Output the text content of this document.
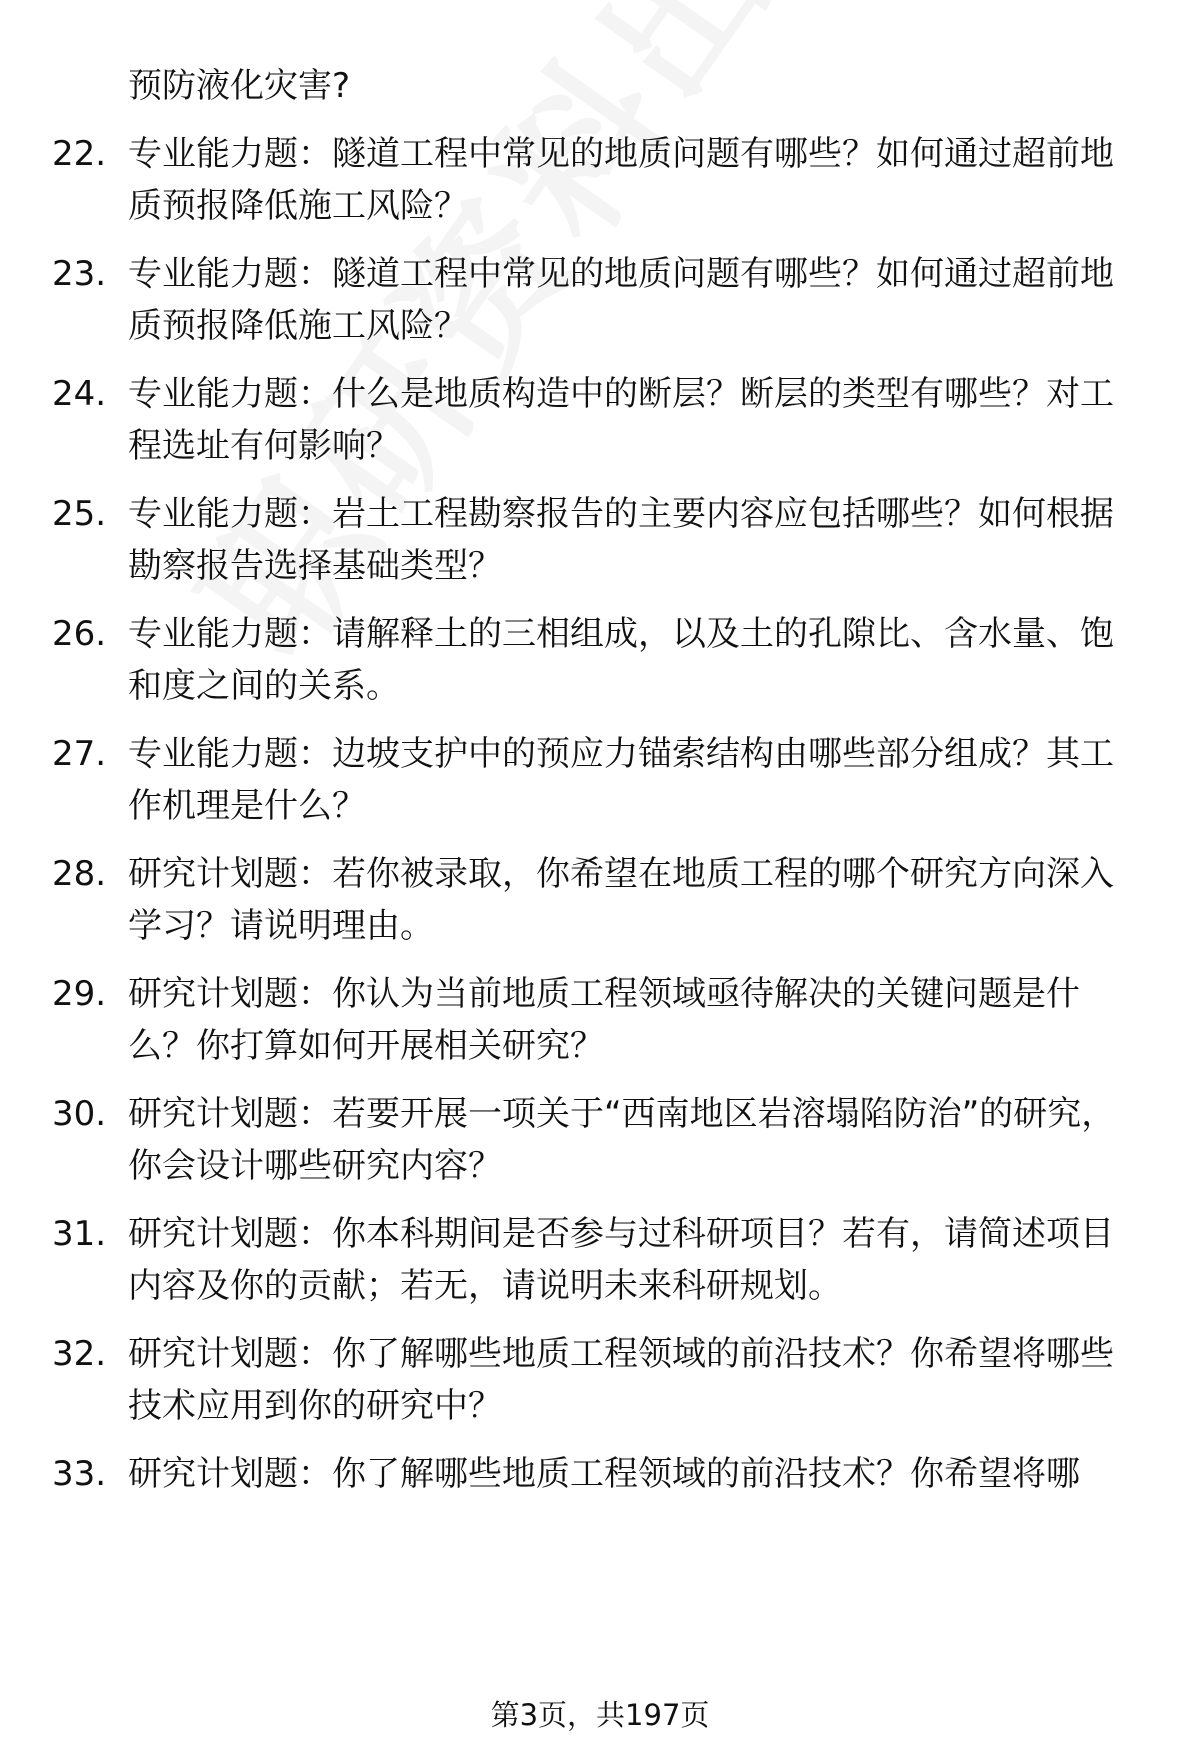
预防液化灾害?
22. 专业能力题：隧道工程中常见的地质问题有哪些？如何通过超前地质预报降低施工风险？
23. 专业能力题：隧道工程中常见的地质问题有哪些？如何通过超前地质预报降低施工风险？
24. 专业能力题：什么是地质构造中的断层？断层的类型有哪些？对工程选址有何影响？
25. 专业能力题：岩土工程勘察报告的主要内容应包括哪些？如何根据勘察报告选择基础类型？
26. 专业能力题：请解释土的三相组成，以及土的孔隙比、含水量、饱和度之间的关系。
27. 专业能力题：边坡支护中的预应力锚索结构由哪些部分组成？其工作机理是什么？
28. 研究计划题：若你被录取，你希望在地质工程的哪个研究方向深入学习？请说明理由。
29. 研究计划题：你认为当前地质工程领域亟待解决的关键问题是什么？你打算如何开展相关研究？
30. 研究计划题：若要开展一项关于“西南地区岩溶塌陷防治”的研究，你会设计哪些研究内容？
31. 研究计划题：你本科期间是否参与过科研项目？若有，请简述项目内容及你的贡献；若无，请说明未来科研规划。
32. 研究计划题：你了解哪些地质工程领域的前沿技术？你希望将哪些技术应用到你的研究中？
33. 研究计划题：你了解哪些地质工程领域的前沿技术？你希望将哪
第3页，共197页
